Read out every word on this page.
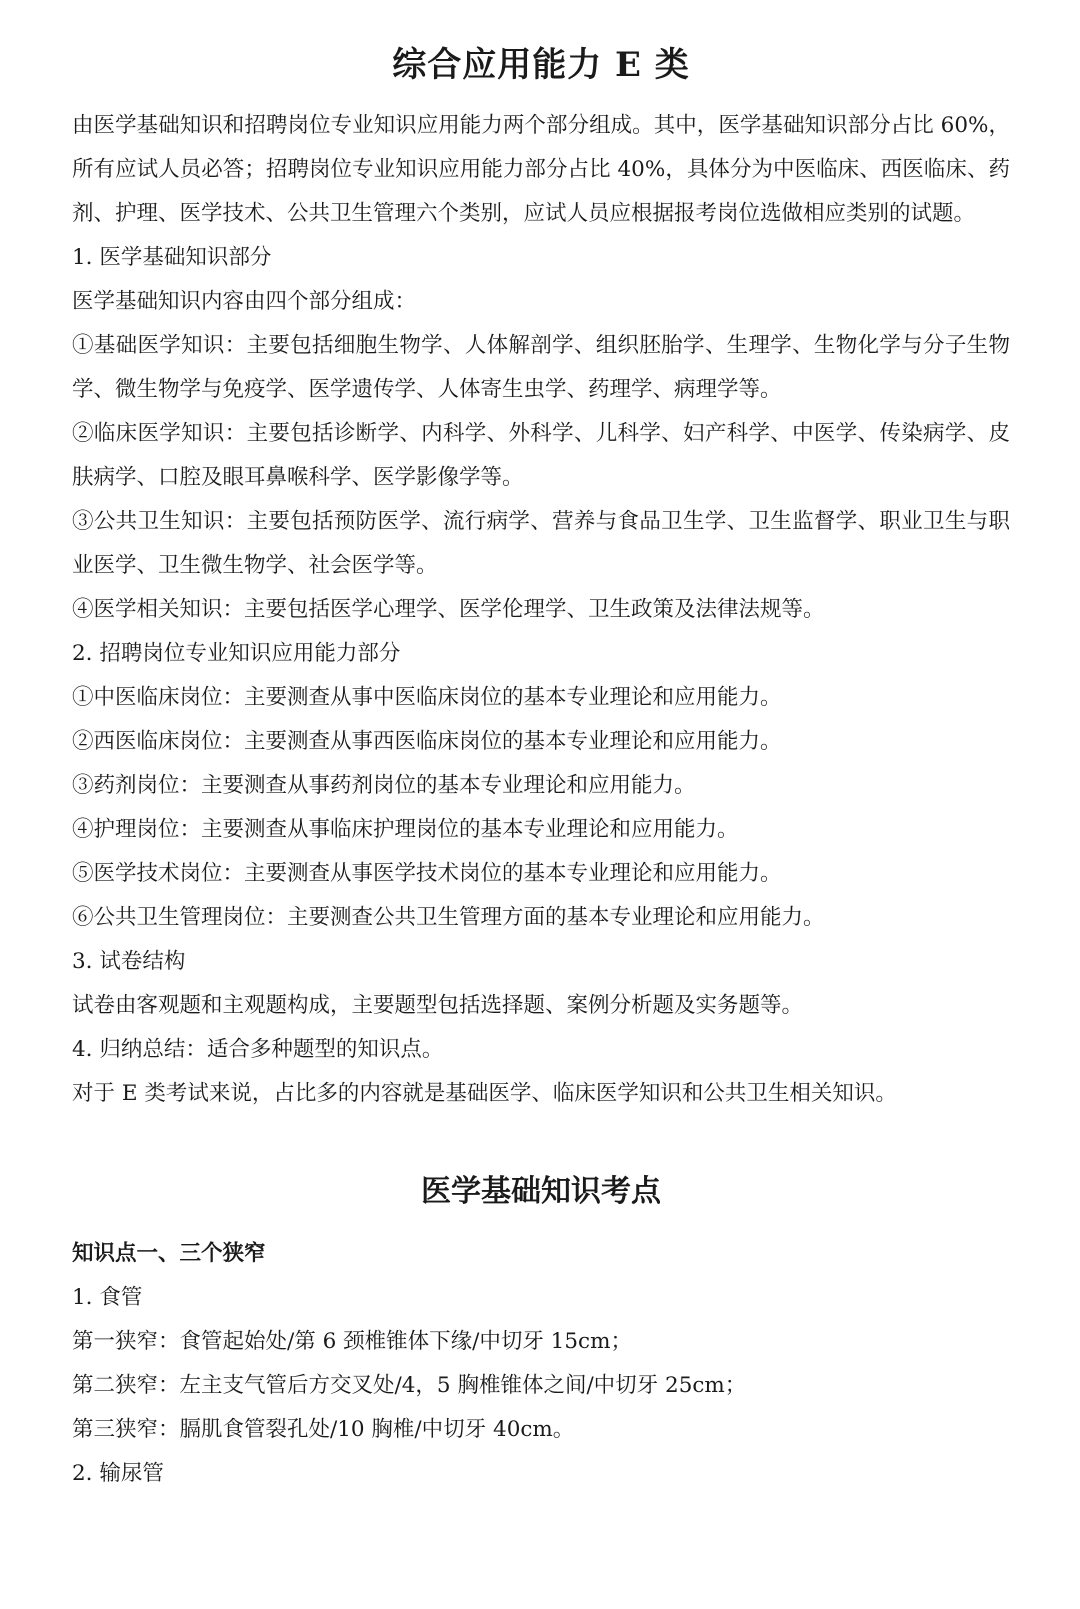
综合应用能力 E 类

由医学基础知识和招聘岗位专业知识应用能力两个部分组成。其中，医学基础知识部分占比 60%，所有应试人员必答；招聘岗位专业知识应用能力部分占比 40%，具体分为中医临床、西医临床、药剂、护理、医学技术、公共卫生管理六个类别，应试人员应根据报考岗位选做相应类别的试题。

1. 医学基础知识部分

医学基础知识内容由四个部分组成：

①基础医学知识：主要包括细胞生物学、人体解剖学、组织胚胎学、生理学、生物化学与分子生物学、微生物学与免疫学、医学遗传学、人体寄生虫学、药理学、病理学等。

②临床医学知识：主要包括诊断学、内科学、外科学、儿科学、妇产科学、中医学、传染病学、皮肤病学、口腔及眼耳鼻喉科学、医学影像学等。

③公共卫生知识：主要包括预防医学、流行病学、营养与食品卫生学、卫生监督学、职业卫生与职业医学、卫生微生物学、社会医学等。

④医学相关知识：主要包括医学心理学、医学伦理学、卫生政策及法律法规等。

2. 招聘岗位专业知识应用能力部分

①中医临床岗位：主要测查从事中医临床岗位的基本专业理论和应用能力。

②西医临床岗位：主要测查从事西医临床岗位的基本专业理论和应用能力。

③药剂岗位：主要测查从事药剂岗位的基本专业理论和应用能力。

④护理岗位：主要测查从事临床护理岗位的基本专业理论和应用能力。

⑤医学技术岗位：主要测查从事医学技术岗位的基本专业理论和应用能力。

⑥公共卫生管理岗位：主要测查公共卫生管理方面的基本专业理论和应用能力。

3. 试卷结构

试卷由客观题和主观题构成，主要题型包括选择题、案例分析题及实务题等。

4. 归纳总结：适合多种题型的知识点。

对于 E 类考试来说，占比多的内容就是基础医学、临床医学知识和公共卫生相关知识。

医学基础知识考点

知识点一、三个狭窄

1. 食管

第一狭窄：食管起始处/第 6 颈椎锥体下缘/中切牙 15cm；

第二狭窄：左主支气管后方交叉处/4，5 胸椎锥体之间/中切牙 25cm；

第三狭窄：膈肌食管裂孔处/10 胸椎/中切牙 40cm。

2. 输尿管
